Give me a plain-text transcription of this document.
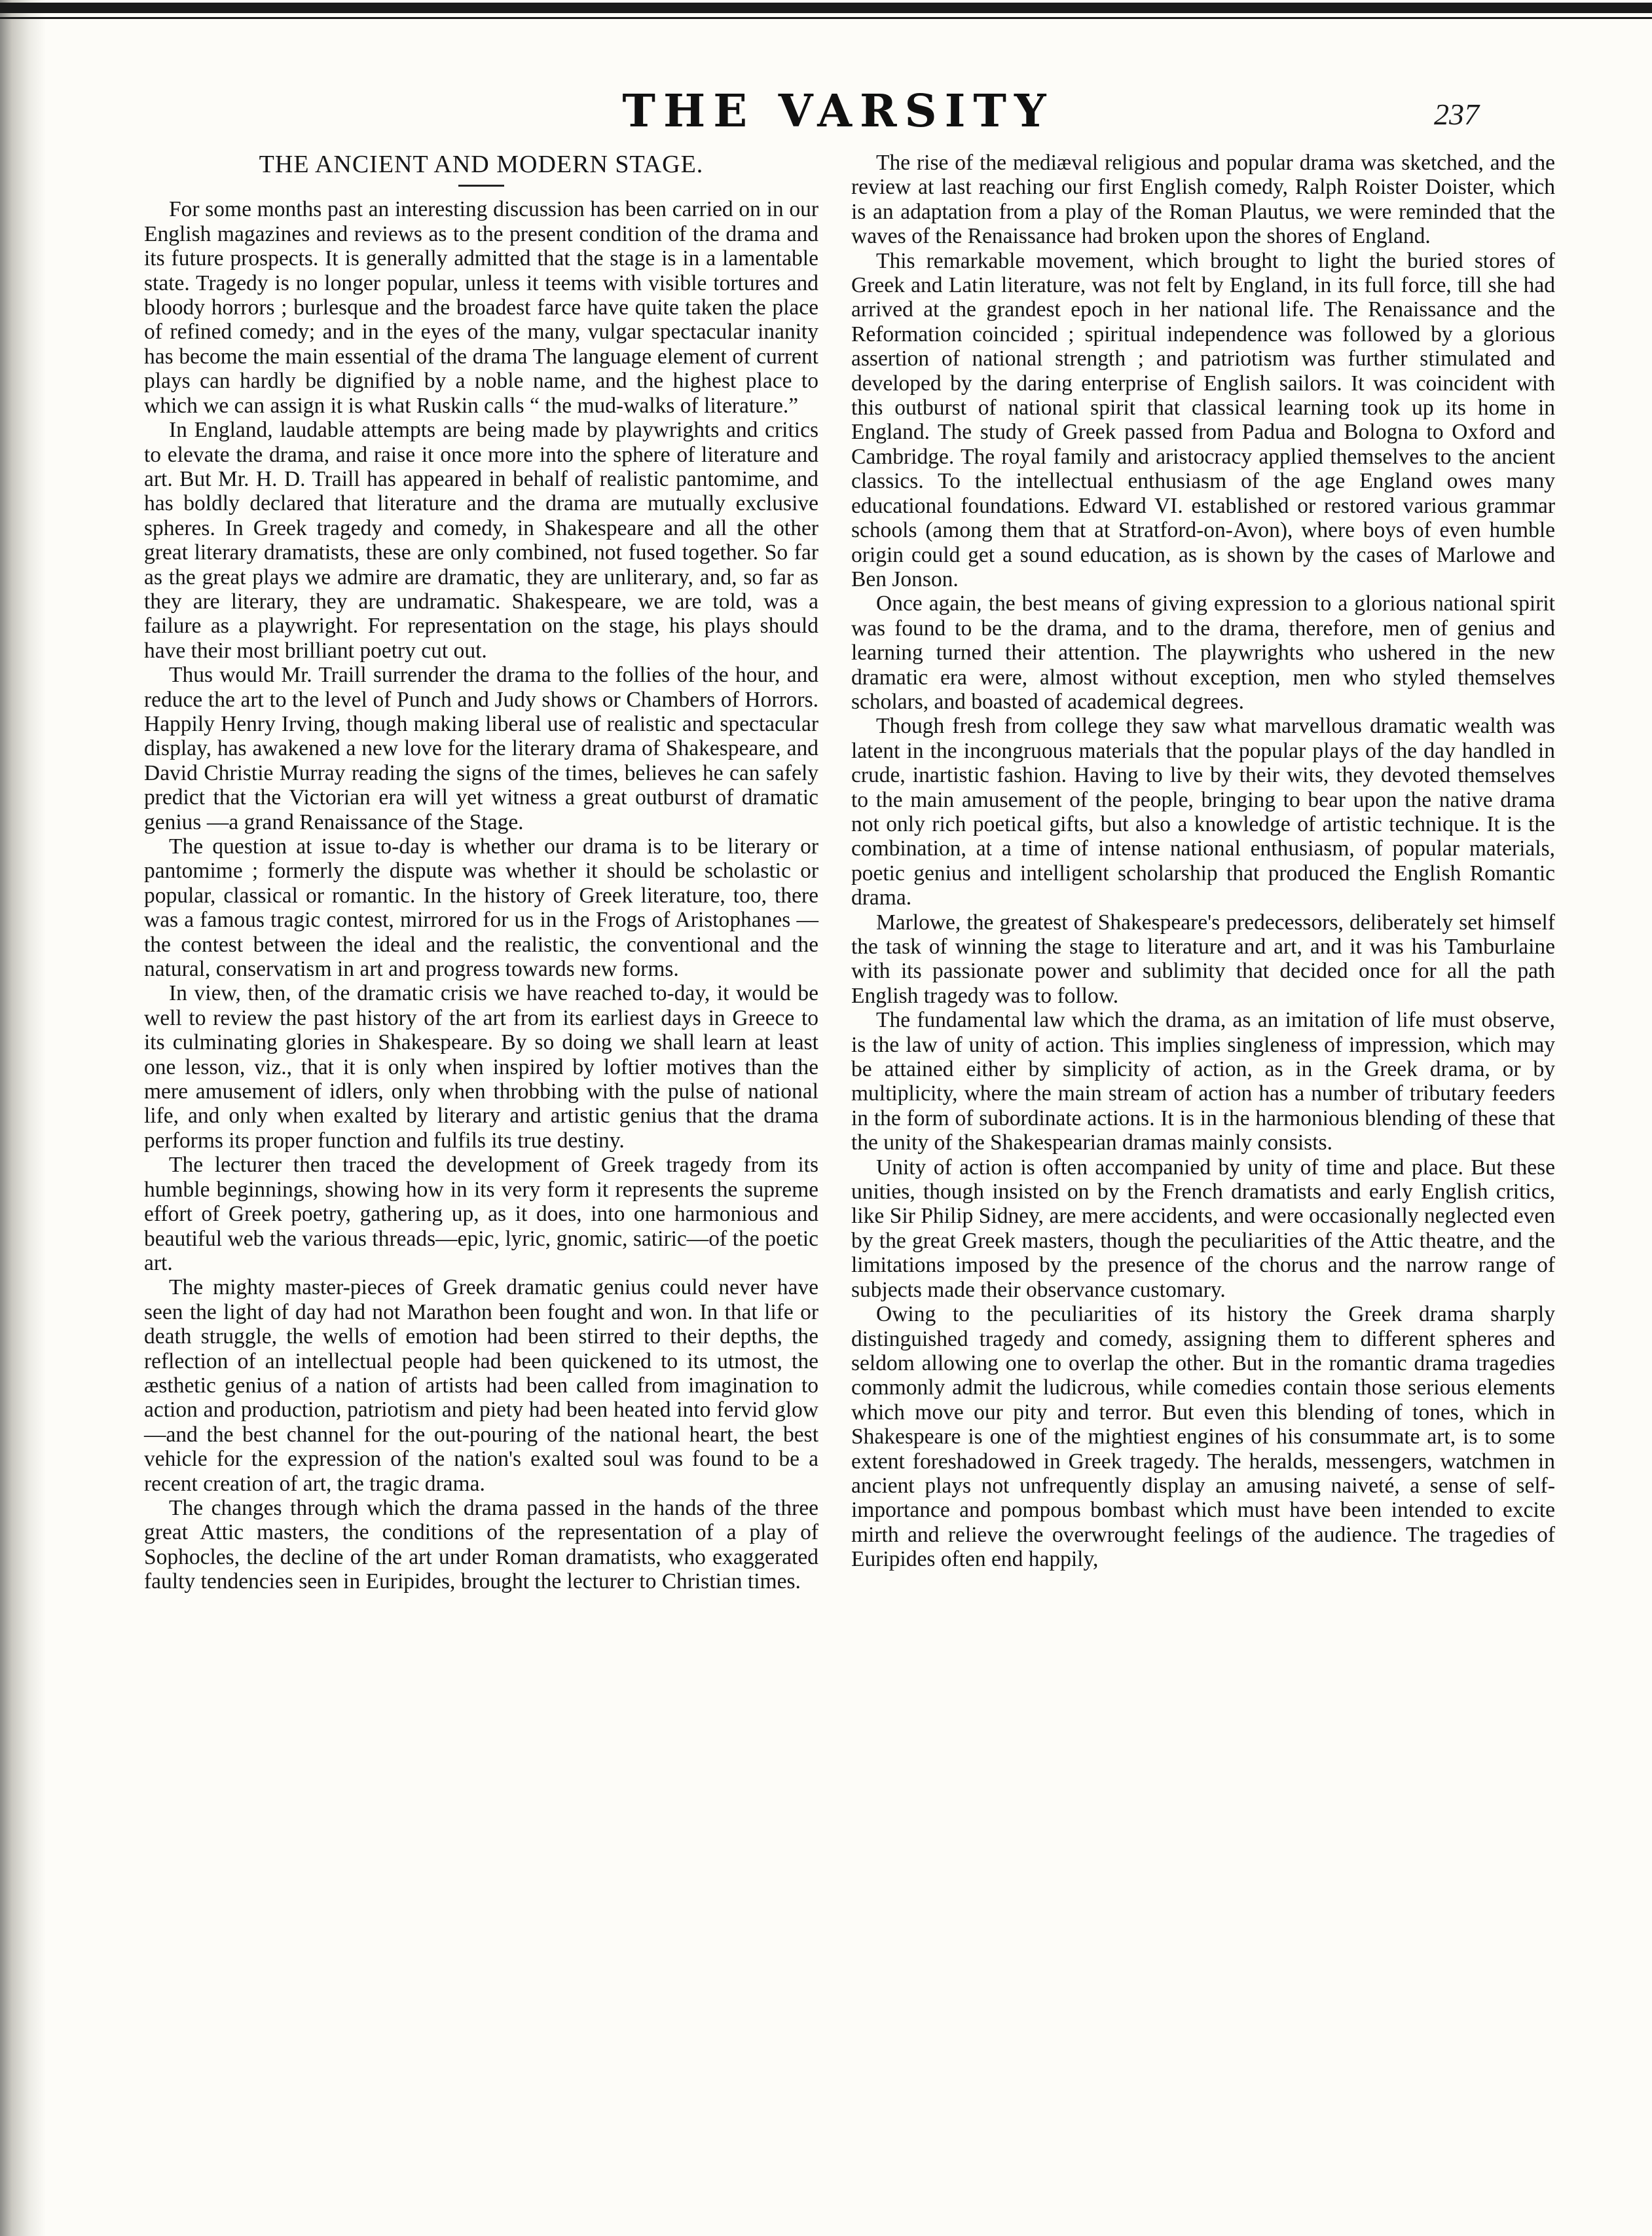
THE VARSITY	237
THE ANCIENT AND MODERN STAGE.

For some months past an interesting discussion has been carried on in our English magazines and reviews as to the present condition of the drama and its future prospects. It is generally admitted that the stage is in a lamentable state. Tragedy is no longer popular, unless it teems with visible tortures and bloody horrors ; burlesque and the broadest farce have quite taken the place of refined comedy; and in the eyes of the many, vulgar spectacular inanity has become the main essential of the drama The language element of current plays can hardly be dignified by a noble name, and the highest place to which we can assign it is what Ruskin calls “ the mud-walks of literature.”

In England, laudable attempts are being made by playwrights and critics to elevate the drama, and raise it once more into the sphere of literature and art. But Mr. H. D. Traill has appeared in behalf of realistic pantomime, and has boldly declared that literature and the drama are mutually exclusive spheres. In Greek tragedy and comedy, in Shakespeare and all the other great literary dramatists, these are only combined, not fused together. So far as the great plays we admire are dramatic, they are unliterary, and, so far as they are literary, they are undramatic. Shakespeare, we are told, was a failure as a playwright. For representation on the stage, his plays should have their most brilliant poetry cut out.

Thus would Mr. Traill surrender the drama to the follies of the hour, and reduce the art to the level of Punch and Judy shows or Chambers of Horrors. Happily Henry Irving, though making liberal use of realistic and spectacular display, has awakened a new love for the literary drama of Shakespeare, and David Christie Murray reading the signs of the times, believes he can safely predict that the Victorian era will yet witness a great outburst of dramatic genius —a grand Renaissance of the Stage.

The question at issue to-day is whether our drama is to be literary or pantomime ; formerly the dispute was whether it should be scholastic or popular, classical or romantic. In the history of Greek literature, too, there was a famous tragic contest, mirrored for us in the Frogs of Aristophanes —the contest between the ideal and the realistic, the conventional and the natural, conservatism in art and progress towards new forms.

In view, then, of the dramatic crisis we have reached to-day, it would be well to review the past history of the art from its earliest days in Greece to its culminating glories in Shakespeare. By so doing we shall learn at least one lesson, viz., that it is only when inspired by loftier motives than the mere amusement of idlers, only when throbbing with the pulse of national life, and only when exalted by literary and artistic genius that the drama performs its proper function and fulfils its true destiny.

The lecturer then traced the development of Greek tragedy from its humble beginnings, showing how in its very form it represents the supreme effort of Greek poetry, gathering up, as it does, into one harmonious and beautiful web the various threads—epic, lyric, gnomic, satiric—of the poetic art.

The mighty master-pieces of Greek dramatic genius could never have seen the light of day had not Marathon been fought and won. In that life or death struggle, the wells of emotion had been stirred to their depths, the reflection of an intellectual people had been quickened to its utmost, the æsthetic genius of a nation of artists had been called from imagination to action and production, patriotism and piety had been heated into fervid glow—and the best channel for the out-pouring of the national heart, the best vehicle for the expression of the nation's exalted soul was found to be a recent creation of art, the tragic drama.

The changes through which the drama passed in the hands of the three great Attic masters, the conditions of the representation of a play of Sophocles, the decline of the art under Roman dramatists, who exaggerated faulty tendencies seen in Euripides, brought the lecturer to Christian times.

The rise of the mediæval religious and popular drama was sketched, and the review at last reaching our first English comedy, Ralph Roister Doister, which is an adaptation from a play of the Roman Plautus, we were reminded that the waves of the Renaissance had broken upon the shores of England.

This remarkable movement, which brought to light the buried stores of Greek and Latin literature, was not felt by England, in its full force, till she had arrived at the grandest epoch in her national life. The Renaissance and the Reformation coincided ; spiritual independence was followed by a glorious assertion of national strength ; and patriotism was further stimulated and developed by the daring enterprise of English sailors. It was coincident with this outburst of national spirit that classical learning took up its home in England. The study of Greek passed from Padua and Bologna to Oxford and Cambridge. The royal family and aristocracy applied themselves to the ancient classics. To the intellectual enthusiasm of the age England owes many educational foundations. Edward VI. established or restored various grammar schools (among them that at Stratford-on-Avon), where boys of even humble origin could get a sound education, as is shown by the cases of Marlowe and Ben Jonson.

Once again, the best means of giving expression to a glorious national spirit was found to be the drama, and to the drama, therefore, men of genius and learning turned their attention. The playwrights who ushered in the new dramatic era were, almost without exception, men who styled themselves scholars, and boasted of academical degrees.

Though fresh from college they saw what marvellous dramatic wealth was latent in the incongruous materials that the popular plays of the day handled in crude, inartistic fashion. Having to live by their wits, they devoted themselves to the main amusement of the people, bringing to bear upon the native drama not only rich poetical gifts, but also a knowledge of artistic technique. It is the combination, at a time of intense national enthusiasm, of popular materials, poetic genius and intelligent scholarship that produced the English Romantic drama.

Marlowe, the greatest of Shakespeare's predecessors, deliberately set himself the task of winning the stage to literature and art, and it was his Tamburlaine with its passionate power and sublimity that decided once for all the path English tragedy was to follow.

The fundamental law which the drama, as an imitation of life must observe, is the law of unity of action. This implies singleness of impression, which may be attained either by simplicity of action, as in the Greek drama, or by multiplicity, where the main stream of action has a number of tributary feeders in the form of subordinate actions. It is in the harmonious blending of these that the unity of the Shakespearian dramas mainly consists.

Unity of action is often accompanied by unity of time and place. But these unities, though insisted on by the French dramatists and early English critics, like Sir Philip Sidney, are mere accidents, and were occasionally neglected even by the great Greek masters, though the peculiarities of the Attic theatre, and the limitations imposed by the presence of the chorus and the narrow range of subjects made their observance customary.

Owing to the peculiarities of its history the Greek drama sharply distinguished tragedy and comedy, assigning them to different spheres and seldom allowing one to overlap the other. But in the romantic drama tragedies commonly admit the ludicrous, while comedies contain those serious elements which move our pity and terror. But even this blending of tones, which in Shakespeare is one of the mightiest engines of his consummate art, is to some extent foreshadowed in Greek tragedy. The heralds, messengers, watchmen in ancient plays not unfrequently display an amusing naiveté, a sense of self-importance and pompous bombast which must have been intended to excite mirth and relieve the overwrought feelings of the audience. The tragedies of Euripides often end happily,
